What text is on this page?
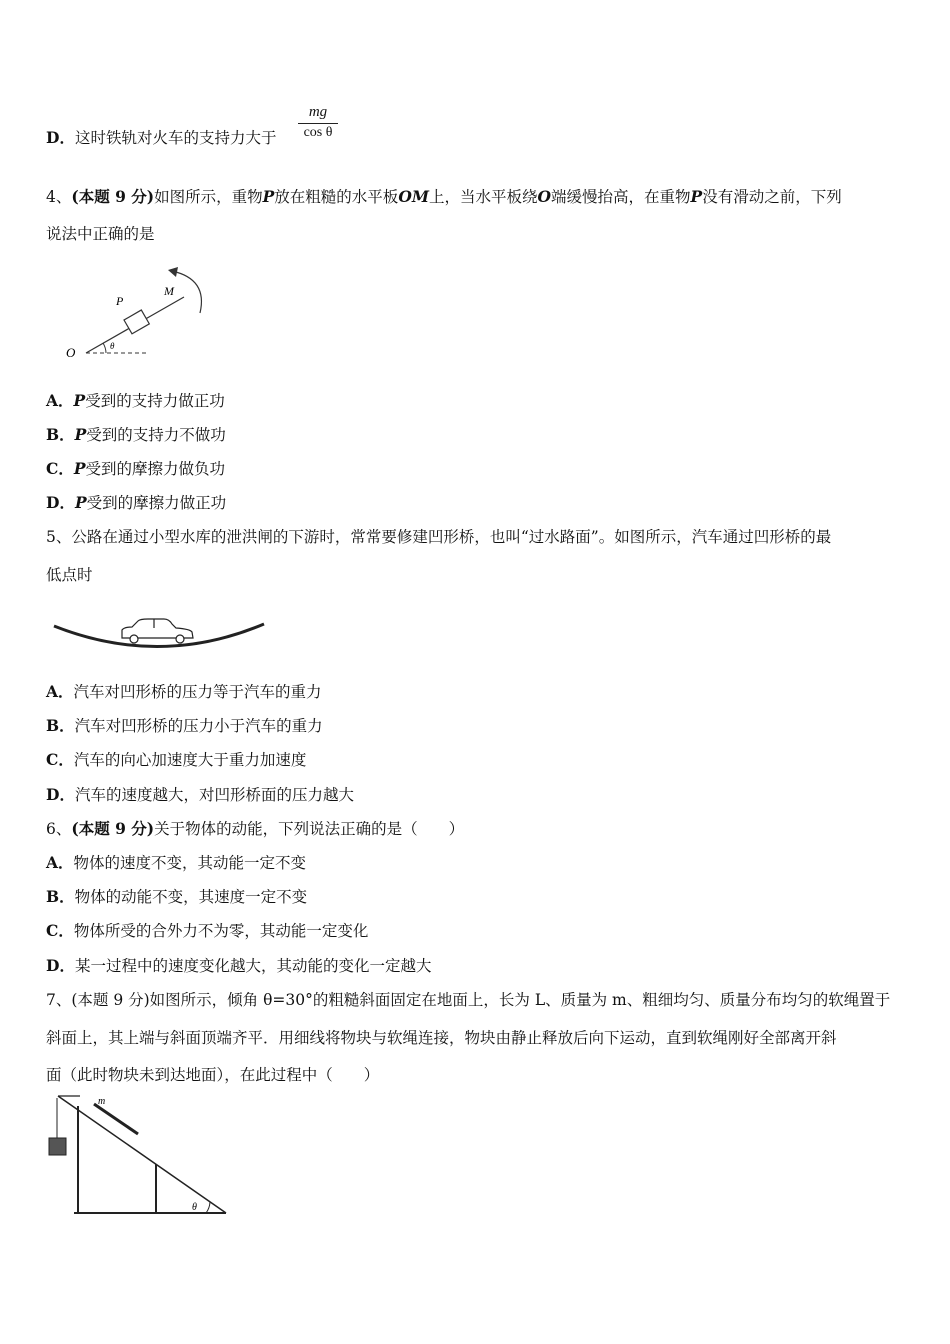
D．这时铁轨对火车的支持力大于
mg
cos θ
4、(本题 9 分)如图所示，重物P放在粗糙的水平板OM上，当水平板绕O端缓慢抬高，在重物P没有滑动之前，下列
说法中正确的是
O
P
M
θ
A．P受到的支持力做正功
B．P受到的支持力不做功
C．P受到的摩擦力做负功
D．P受到的摩擦力做正功
5、公路在通过小型水库的泄洪闸的下游时，常常要修建凹形桥，也叫“过水路面”。如图所示，汽车通过凹形桥的最
低点时
A．汽车对凹形桥的压力等于汽车的重力
B．汽车对凹形桥的压力小于汽车的重力
C．汽车的向心加速度大于重力加速度
D．汽车的速度越大，对凹形桥面的压力越大
6、(本题 9 分)关于物体的动能，下列说法正确的是（　　）
A．物体的速度不变，其动能一定不变
B．物体的动能不变，其速度一定不变
C．物体所受的合外力不为零，其动能一定变化
D．某一过程中的速度变化越大，其动能的变化一定越大
7、(本题 9 分)如图所示，倾角 θ=30°的粗糙斜面固定在地面上，长为 L、质量为 m、粗细均匀、质量分布均匀的软绳置于
斜面上，其上端与斜面顶端齐平．用细线将物块与软绳连接，物块由静止释放后向下运动，直到软绳刚好全部离开斜
面（此时物块未到达地面），在此过程中（　　）
m
θ
